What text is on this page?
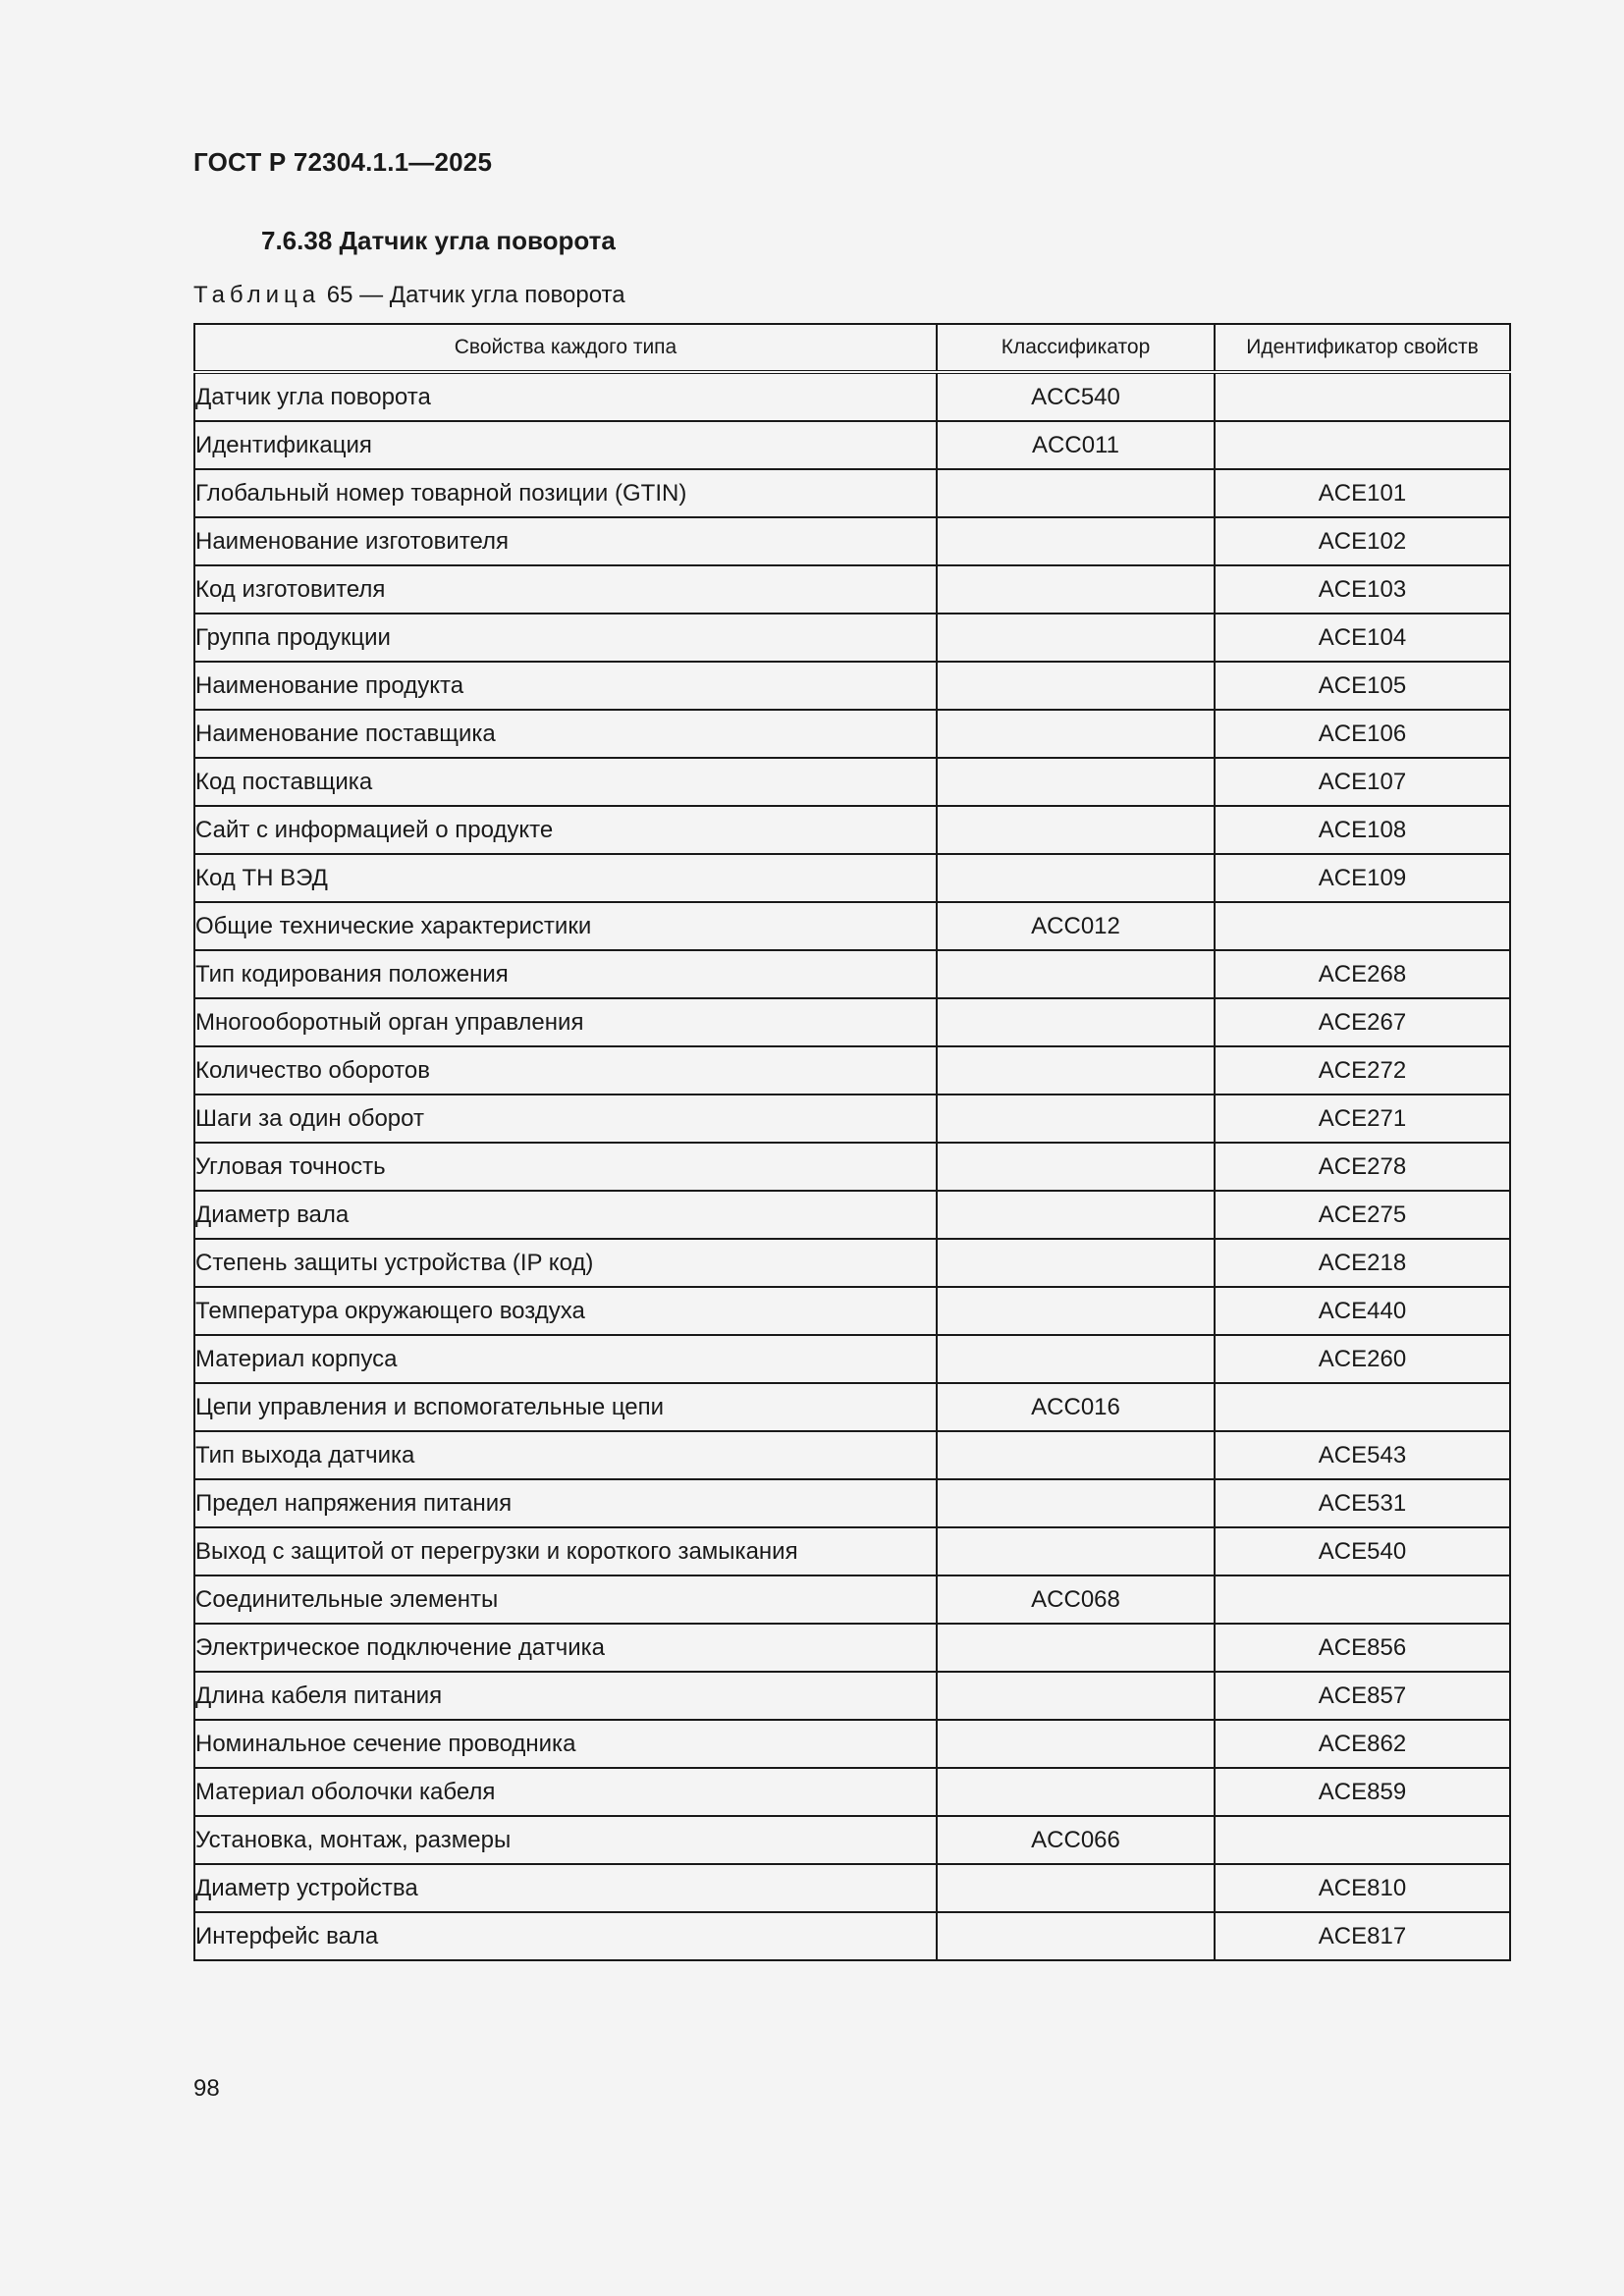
ГОСТ Р 72304.1.1—2025
7.6.38 Датчик угла поворота
Таблица 65 — Датчик угла поворота
Свойства каждого типа	Классификатор	Идентификатор свойств
Датчик угла поворота	ACC540	
Идентификация	ACC011	
Глобальный номер товарной позиции (GTIN)		ACE101
Наименование изготовителя		ACE102
Код изготовителя		ACE103
Группа продукции		ACE104
Наименование продукта		ACE105
Наименование поставщика		ACE106
Код поставщика		ACE107
Сайт с информацией о продукте		ACE108
Код ТН ВЭД		ACE109
Общие технические характеристики	ACC012	
Тип кодирования положения		ACE268
Многооборотный орган управления		ACE267
Количество оборотов		ACE272
Шаги за один оборот		ACE271
Угловая точность		ACE278
Диаметр вала		ACE275
Степень защиты устройства (IP код)		ACE218
Температура окружающего воздуха		ACE440
Материал корпуса		ACE260
Цепи управления и вспомогательные цепи	ACC016	
Тип выхода датчика		ACE543
Предел напряжения питания		ACE531
Выход с защитой от перегрузки и короткого замыкания		ACE540
Соединительные элементы	ACC068	
Электрическое подключение датчика		ACE856
Длина кабеля питания		ACE857
Номинальное сечение проводника		ACE862
Материал оболочки кабеля		ACE859
Установка, монтаж, размеры	ACC066	
Диаметр устройства		ACE810
Интерфейс вала		ACE817
98
